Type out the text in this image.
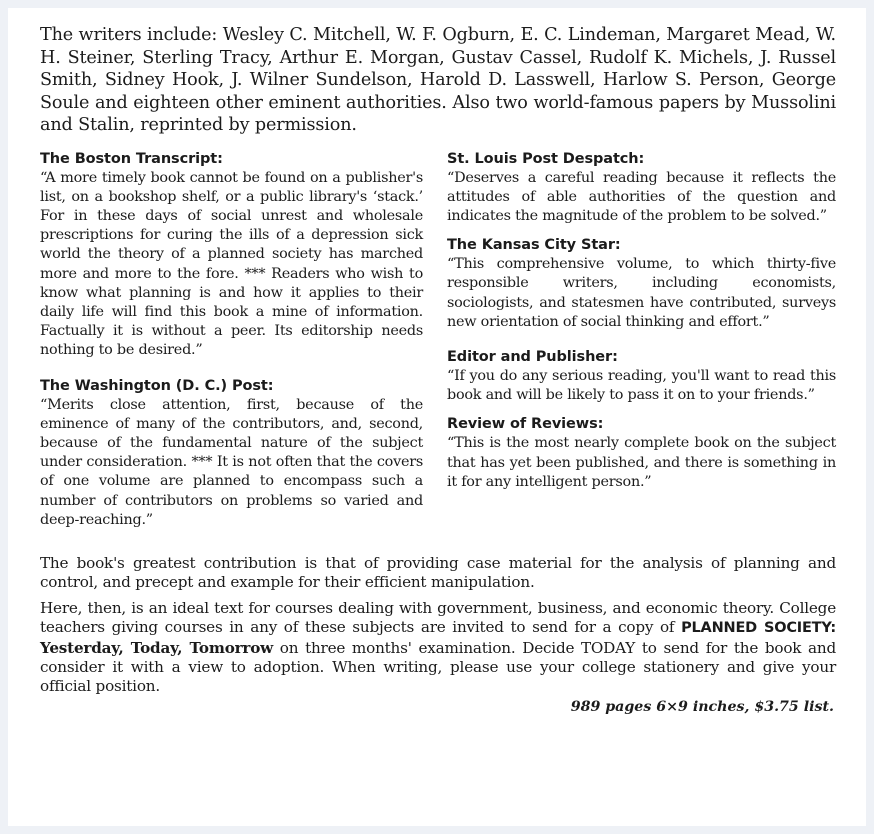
The writers include: Wesley C. Mitchell, W. F. Ogburn, E. C. Lindeman, Margaret Mead, W. H. Steiner, Sterling Tracy, Arthur E. Morgan, Gustav Cassel, Rudolf K. Michels, J. Russel Smith, Sidney Hook, J. Wilner Sundelson, Harold D. Lasswell, Harlow S. Person, George Soule and eighteen other eminent authorities. Also two world-famous papers by Mussolini and Stalin, reprinted by permission.

The Boston Transcript:

“A more timely book cannot be found on a publisher's list, on a bookshop shelf, or a public library's ‘stack.’ For in these days of social unrest and wholesale prescriptions for curing the ills of a depression sick world the theory of a planned society has marched more and more to the fore. *** Readers who wish to know what planning is and how it applies to their daily life will find this book a mine of information. Factually it is without a peer. Its editorship needs nothing to be desired.”

The Washington (D. C.) Post:

“Merits close attention, first, because of the eminence of many of the contributors, and, second, because of the fundamental nature of the subject under consideration. *** It is not often that the covers of one volume are planned to encompass such a number of contributors on problems so varied and deep-reaching.”

St. Louis Post Despatch:

“Deserves a careful reading because it reflects the attitudes of able authorities of the question and indicates the magnitude of the problem to be solved.”

The Kansas City Star:

“This comprehensive volume, to which thirty-five responsible writers, including economists, sociologists, and statesmen have contributed, surveys new orientation of social thinking and effort.”

Editor and Publisher:

“If you do any serious reading, you'll want to read this book and will be likely to pass it on to your friends.”

Review of Reviews:

“This is the most nearly complete book on the subject that has yet been published, and there is something in it for any intelligent person.”

The book's greatest contribution is that of providing case material for the analysis of planning and control, and precept and example for their efficient manipulation.

Here, then, is an ideal text for courses dealing with government, business, and economic theory. College teachers giving courses in any of these subjects are invited to send for a copy of PLANNED SOCIETY: Yesterday, Today, Tomorrow on three months' examination. Decide TODAY to send for the book and consider it with a view to adoption. When writing, please use your college stationery and give your official position.

989 pages 6×9 inches, $3.75 list.
